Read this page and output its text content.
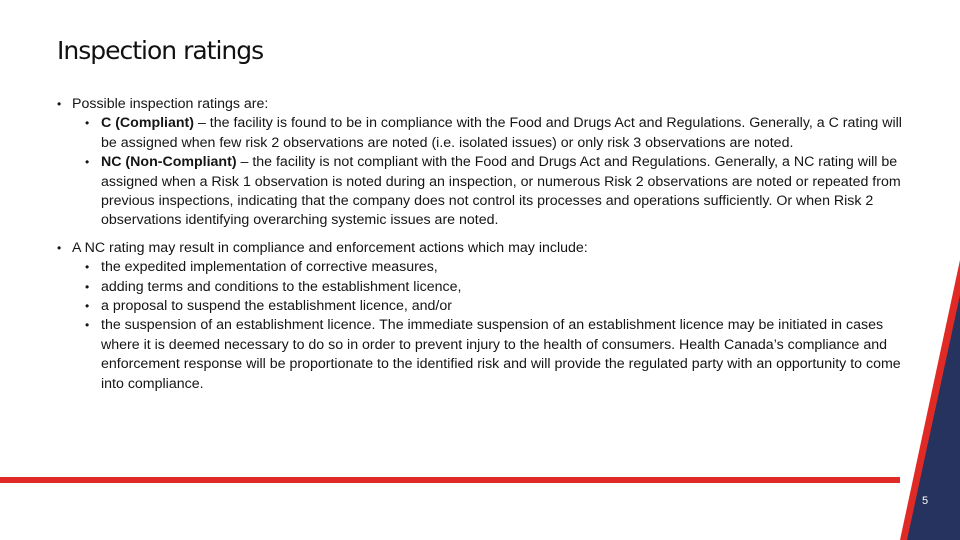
Inspection ratings
• Possible inspection ratings are:
• C (Compliant) – the facility is found to be in compliance with the Food and Drugs Act and Regulations. Generally, a C rating will be assigned when few risk 2 observations are noted (i.e. isolated issues) or only risk 3 observations are noted.
• NC (Non-Compliant) – the facility is not compliant with the Food and Drugs Act and Regulations. Generally, a NC rating will be assigned when a Risk 1 observation is noted during an inspection, or numerous Risk 2 observations are noted or repeated from previous inspections, indicating that the company does not control its processes and operations sufficiently. Or when Risk 2 observations identifying overarching systemic issues are noted.
• A NC rating may result in compliance and enforcement actions which may include:
• the expedited implementation of corrective measures,
• adding terms and conditions to the establishment licence,
• a proposal to suspend the establishment licence, and/or
• the suspension of an establishment licence. The immediate suspension of an establishment licence may be initiated in cases where it is deemed necessary to do so in order to prevent injury to the health of consumers. Health Canada’s compliance and enforcement response will be proportionate to the identified risk and will provide the regulated party with an opportunity to come into compliance.
5
